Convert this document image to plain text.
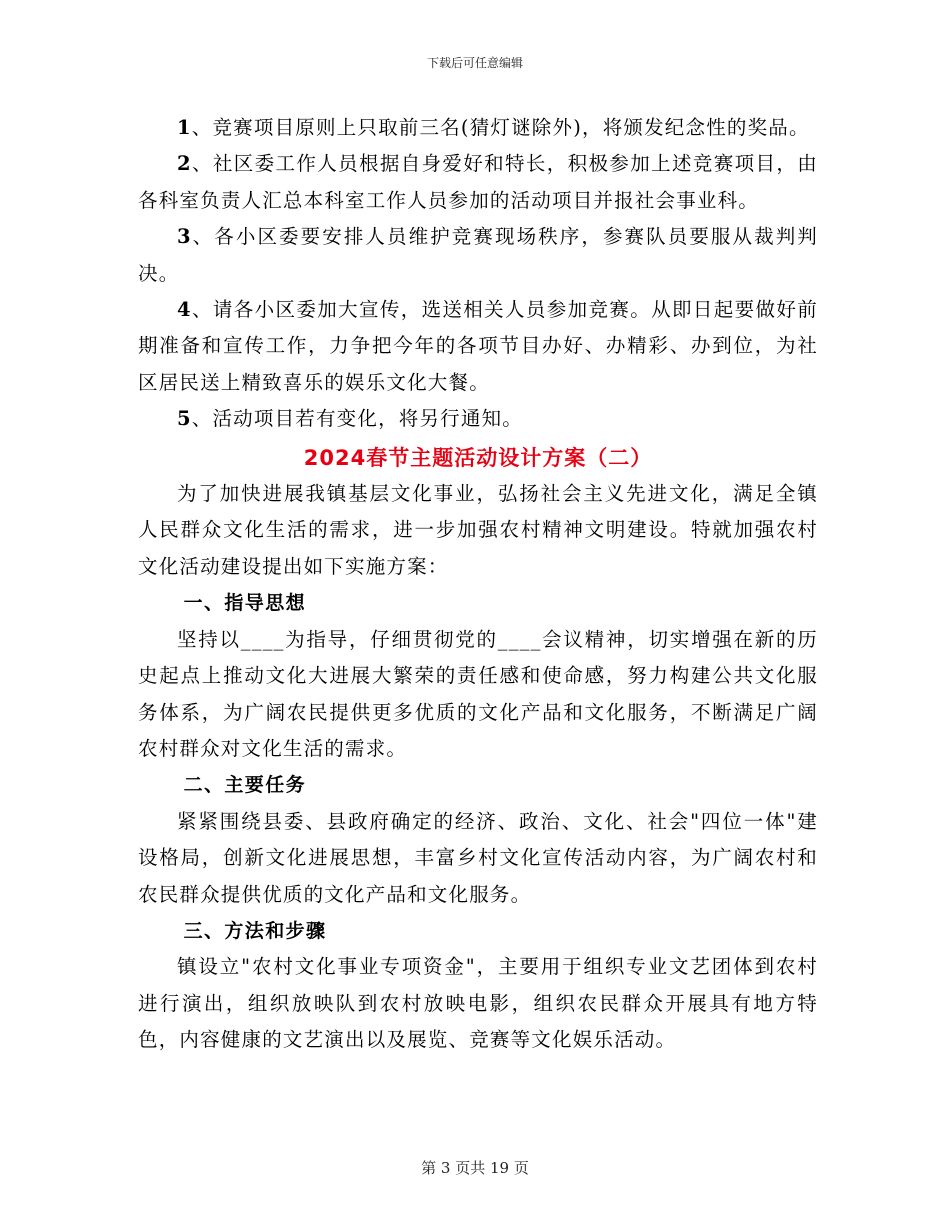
下载后可任意编辑

1、竞赛项目原则上只取前三名(猜灯谜除外)，将颁发纪念性的奖品。

2、社区委工作人员根据自身爱好和特长，积极参加上述竞赛项目，由各科室负责人汇总本科室工作人员参加的活动项目并报社会事业科。

3、各小区委要安排人员维护竞赛现场秩序，参赛队员要服从裁判判决。

4、请各小区委加大宣传，选送相关人员参加竞赛。从即日起要做好前期准备和宣传工作，力争把今年的各项节目办好、办精彩、办到位，为社区居民送上精致喜乐的娱乐文化大餐。

5、活动项目若有变化，将另行通知。

2024春节主题活动设计方案（二）

为了加快进展我镇基层文化事业，弘扬社会主义先进文化，满足全镇人民群众文化生活的需求，进一步加强农村精神文明建设。特就加强农村文化活动建设提出如下实施方案：

一、指导思想

坚持以____为指导，仔细贯彻党的____会议精神，切实增强在新的历史起点上推动文化大进展大繁荣的责任感和使命感，努力构建公共文化服务体系，为广阔农民提供更多优质的文化产品和文化服务，不断满足广阔农村群众对文化生活的需求。

二、主要任务

紧紧围绕县委、县政府确定的经济、政治、文化、社会"四位一体"建设格局，创新文化进展思想，丰富乡村文化宣传活动内容，为广阔农村和农民群众提供优质的文化产品和文化服务。

三、方法和步骤

镇设立"农村文化事业专项资金"，主要用于组织专业文艺团体到农村进行演出，组织放映队到农村放映电影，组织农民群众开展具有地方特色，内容健康的文艺演出以及展览、竞赛等文化娱乐活动。

第 3 页共 19 页
